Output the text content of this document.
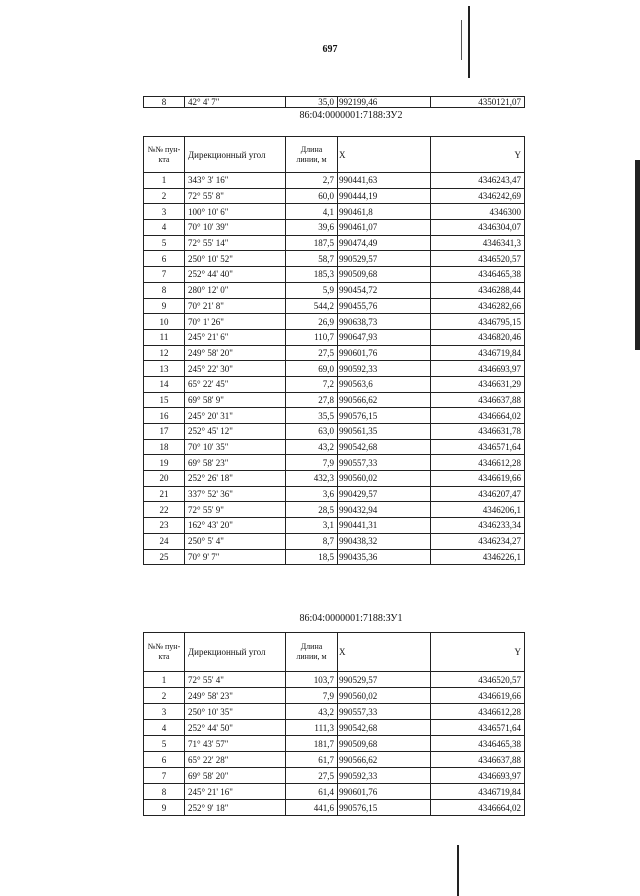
697
8	42° 4' 7"	35,0	992199,46	4350121,07
86:04:0000001:7188:ЗУ2
№№ пун-кта	Дирекционный угол	Длина линии, м	X	Y
1	343° 3' 16"	2,7	990441,63	4346243,47
2	72° 55' 8"	60,0	990444,19	4346242,69
3	100° 10' 6"	4,1	990461,8	4346300
4	70° 10' 39"	39,6	990461,07	4346304,07
5	72° 55' 14"	187,5	990474,49	4346341,3
6	250° 10' 52"	58,7	990529,57	4346520,57
7	252° 44' 40"	185,3	990509,68	4346465,38
8	280° 12' 0"	5,9	990454,72	4346288,44
9	70° 21' 8"	544,2	990455,76	4346282,66
10	70° 1' 26"	26,9	990638,73	4346795,15
11	245° 21' 6"	110,7	990647,93	4346820,46
12	249° 58' 20"	27,5	990601,76	4346719,84
13	245° 22' 30"	69,0	990592,33	4346693,97
14	65° 22' 45"	7,2	990563,6	4346631,29
15	69° 58' 9"	27,8	990566,62	4346637,88
16	245° 20' 31"	35,5	990576,15	4346664,02
17	252° 45' 12"	63,0	990561,35	4346631,78
18	70° 10' 35"	43,2	990542,68	4346571,64
19	69° 58' 23"	7,9	990557,33	4346612,28
20	252° 26' 18"	432,3	990560,02	4346619,66
21	337° 52' 36"	3,6	990429,57	4346207,47
22	72° 55' 9"	28,5	990432,94	4346206,1
23	162° 43' 20"	3,1	990441,31	4346233,34
24	250° 5' 4"	8,7	990438,32	4346234,27
25	70° 9' 7"	18,5	990435,36	4346226,1
86:04:0000001:7188:ЗУ1
№№ пун-кта	Дирекционный угол	Длина линии, м	X	Y
1	72° 55' 4"	103,7	990529,57	4346520,57
2	249° 58' 23"	7,9	990560,02	4346619,66
3	250° 10' 35"	43,2	990557,33	4346612,28
4	252° 44' 50"	111,3	990542,68	4346571,64
5	71° 43' 57"	181,7	990509,68	4346465,38
6	65° 22' 28"	61,7	990566,62	4346637,88
7	69° 58' 20"	27,5	990592,33	4346693,97
8	245° 21' 16"	61,4	990601,76	4346719,84
9	252° 9' 18"	441,6	990576,15	4346664,02
